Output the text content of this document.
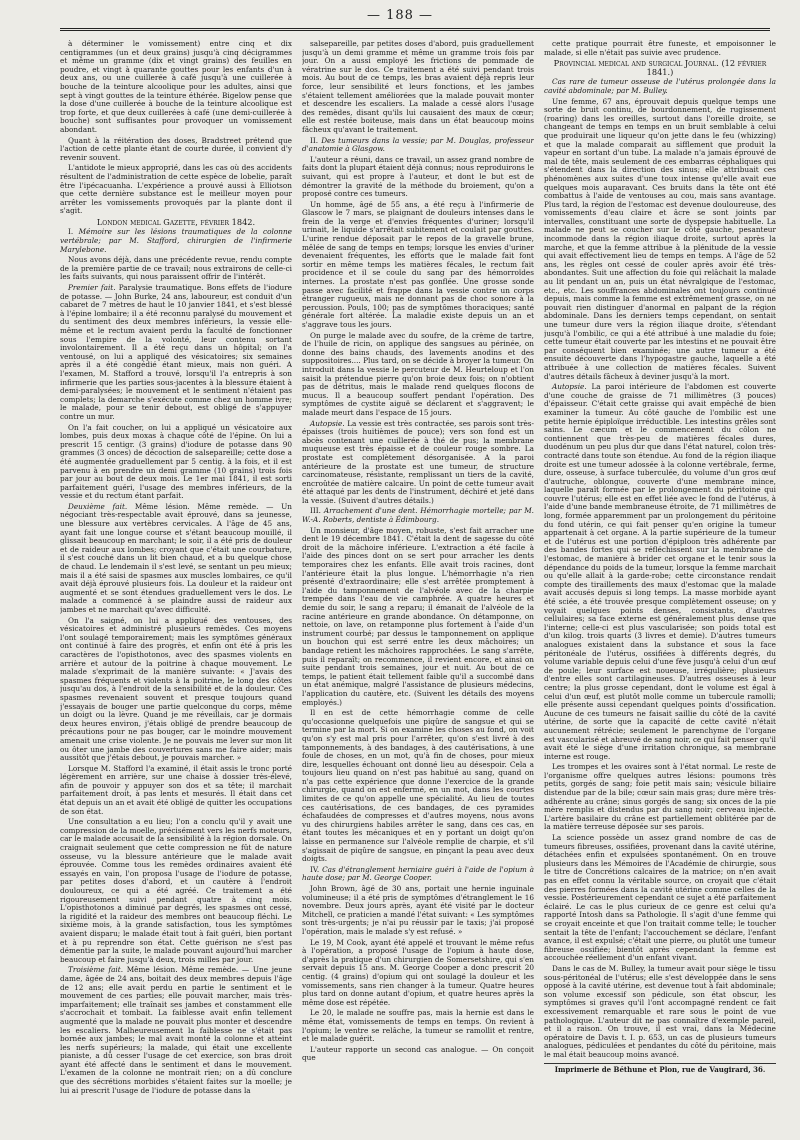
— 188 —

à déterminer le vomissement) entre cinq et dix centigrammes (un et deux grains) jusqu'à cinq décigrammes et même un gramme (dix et vingt grains) des feuilles en poudre, et vingt à quarante gouttes pour les enfants d'un à deux ans, ou une cuillerée à café jusqu'à une cuillerée à bouche de la teinture alcoolique pour les adultes, ainsi que sept à vingt gouttes de la teinture éthérée. Bigelow pense que la dose d'une cuillerée à bouche de la teinture alcoolique est trop forte, et que deux cuillerées à café (une demi-cuillerée à bouche) sont suffisantes pour provoquer un vomissement abondant.

Quant à la réitération des doses, Bradstreet prétend que l'action de cette plante étant de courte durée, il convient d'y revenir souvent.

L'antidote le mieux approprié, dans les cas où des accidents résultent de l'administration de cette espèce de lobelie, paraît être l'ipécacuanha. L'expérience a prouvé aussi à Elliotson que cette dernière substance est le meilleur moyen pour arrêter les vomissements provoqués par la plante dont il s'agit.

London medical Gazette, février 1842.

I. Mémoire sur les lésions traumatiques de la colonne vertébrale; par M. Stafford, chirurgien de l'infirmerie Marylebone.

Nous avons déjà, dans une précédente revue, rendu compte de la première partie de ce travail; nous extrairons de celle-ci les faits suivants, qui nous paraissent offrir de l'intérêt.

Premier fait. Paralysie traumatique. Bons effets de l'iodure de potasse. — John Burke, 24 ans, laboureur, est conduit d'un cabaret de 7 mètres de haut le 10 janvier 1841, et s'est blessé à l'épine lombaire; il a été reconnu paralysé du mouvement et du sentiment des deux membres inférieurs, la vessie elle-même et le rectum avaient perdu la faculté de fonctionner sous l'empire de la volonté, leur contenu sortant involontairement. Il a été reçu dans un hôpital; on l'a ventousé, on lui a appliqué des vésicatoires; six semaines après il a été congédié étant mieux, mais non guéri. A l'examen, M. Stafford a trouvé, lorsqu'il l'a entrepris à son infirmerie que les parties sous-jacentes à la blessure étaient à demi-paralysées; le mouvement et le sentiment n'étaient pas complets; la demarche s'exécute comme chez un homme ivre; le malade, pour se tenir debout, est obligé de s'appuyer contre un mur.

On l'a fait coucher, on lui a appliqué un vésicatoire aux lombes, puis deux moxas à chaque côté de l'épine. On lui a prescrit 15 centigr. (3 grains) d'iodure de potasse dans 90 grammes (3 onces) de décoction de salsepareille; cette dose a été augmentée graduellement par 5 centig. à la fois, et il est parvenu à en prendre un demi gramme (10 grains) trois fois par jour au bout de deux mois. Le 1er mai 1841, il est sorti parfaitement guéri, l'usage des membres inférieurs, de la vessie et du rectum étant parfait.

Deuxième fait. Même lésion. Même remède. — Un négociant très-respectable avait éprouvé, dans sa jeunesse, une blessure aux vertèbres cervicales. A l'âge de 45 ans, ayant fait une longue course et s'étant beaucoup mouillé, il glissait beaucoup en marchant; le soir, il a été pris de douleur et de raideur aux lombes; croyant que c'était une courbature, il s'est couché dans un lit bien chaud, et a bu quelque chose de chaud. Le lendemain il s'est levé, se sentant un peu mieux; mais il a été saisi de spasmes aux muscles lombaires, ce qu'il avait déjà éprouvé plusieurs fois. La douleur et la raideur ont augmenté et se sont étendues graduellement vers le dos. Le malade a commencé à se plaindre aussi de raideur aux jambes et ne marchait qu'avec difficulté.

On l'a saigné, on lui a appliqué des ventouses, des vésicatoires et administré plusieurs remèdes. Ces moyens l'ont soulagé temporairement; mais les symptômes généraux ont continué à faire des progrès, et enfin ont été à pris les caractères de l'opisthotonos, avec des spasmes violents en arrière et autour de la poitrine à chaque mouvement. Le malade s'exprimait de la manière suivante: « J'avais des spasmes fréquents et violents à la poitrine, le long des côtes jusqu'au dos, à l'endroit de la sensibilité et de la douleur. Ces spasmes revenaient souvent et presque toujours quand j'essayais de bouger une partie quelconque du corps, même un doigt ou la lèvre. Quand je me réveillais, car je dormais deux heures environ, j'étais obligé de prendre beaucoup de précautions pour ne pas bouger, car le moindre mouvement amenait une crise violente. Je ne pouvais me lever sur mon lit ou ôter une jambe des couvertures sans me faire aider; mais aussitôt que j'étais debout, je pouvais marcher. »

Lorsque M. Stafford l'a examiné, il était assis le tronc porté légèrement en arrière, sur une chaise à dossier très-élevé, afin de pouvoir y appuyer son dos et sa tête; il marchait parfaitement droit, à pas lents et mesurés. Il était dans cet état depuis un an et avait été obligé de quitter les occupations de son état.

Une consultation a eu lieu; l'on a conclu qu'il y avait une compression de la moelle, précisément vers les nerfs moteurs, car le malade accusait de la sensibilité à la région dorsale. On craignait seulement que cette compression ne fût de nature osseuse, vu la blessure antérieure que le malade avait éprouvée. Comme tous les remèdes ordinaires avaient été essayés en vain, l'on proposa l'usage de l'iodure de potasse, par petites doses d'abord, et un cautère à l'endroit douloureux, ce qui a été agréé. Ce traitement a été rigoureusement suivi pendant quatre à cinq mois. L'opisthotonos a diminué par degrés, les spasmes ont cessé, la rigidité et la raideur des membres ont beaucoup fléchi. Le sixième mois, à la grande satisfaction, tous les symptômes avaient disparu; le malade était tout à fait guéri, bien portant et à pu reprendre son état. Cette guérison ne s'est pas démentie par la suite, le malade pouvant aujourd'hui marcher beaucoup et faire jusqu'à deux, trois milles par jour.

Troisième fait. Même lésion. Même remède. — Une jeune dame, âgée de 24 ans, boitait des deux membres depuis l'âge de 12 ans; elle avait perdu en partie le sentiment et le mouvement de ces parties; elle pouvait marcher, mais très-imparfaitement; elle traînait ses jambes et constamment elle s'accrochait et tombait. La faiblesse avait enfin tellement augmenté que la malade ne pouvait plus monter et descendre les escaliers. Malheureusement la faiblesse ne s'était pas bornée aux jambes; le mal avait monté la colonne et atteint les nerfs supérieurs; la malade, qui était une excellente pianiste, a dû cesser l'usage de cet exercice, son bras droit ayant été affecté dans le sentiment et dans le mouvement. L'examen de la colonne ne montrait rien; on a dû conclure que des sécrétions morbides s'étaient faites sur la moelle; je lui ai prescrit l'usage de l'iodure de potasse dans la

salsepareille, par petites doses d'abord, puis graduellement jusqu'à un demi gramme et même un gramme trois fois par jour. On a aussi employé les frictions de pommade de vératrine sur le dos. Ce traitement a été suivi pendant trois mois. Au bout de ce temps, les bras avaient déjà repris leur force, leur sensibilité et leurs fonctions, et les jambes s'étaient tellement améliorées que la malade pouvait monter et descendre les escaliers. La malade a cessé alors l'usage des remèdes, disant qu'ils lui causaient des maux de cœur; elle est restée boiteuse, mais dans un état beaucoup moins fâcheux qu'avant le traitement.

II. Des tumeurs dans la vessie; par M. Douglas, professeur d'anatomie à Glasgow.

L'auteur a réuni, dans ce travail, un assez grand nombre de faits dont la plupart étaient déjà connus; nous reproduirons le suivant, qui est propre à l'auteur, et dont le but est de démontrer la gravité de la méthode du broiement, qu'on a proposé contre ces tumeurs.

Un homme, âgé de 55 ans, a été reçu à l'infirmerie de Glascow le 7 mars, se plaignant de douleurs intenses dans le frein de la verge et d'envies fréquentes d'uriner; lorsqu'il urinait, le liquide s'arrêtait subitement et coulait par gouttes. L'urine rendue déposait par le repos de la gravelle brune, mêlée de sang de temps en temps; lorsque les envies d'uriner devenaient fréquentes, les efforts que le malade fait font sortir en même temps les matières fécales, le rectum fait procidence et il se coule du sang par des hémorroïdes internes. La prostate n'est pas gonflée. Une grosse sonde passe avec facilité et frappe dans la vessie contre un corps étranger rugueux, mais ne donnant pas de choc sonore à la percussion. Pouls, 100; pas de symptômes thoraciques; santé générale fort altérée. La maladie existe depuis un an et s'aggrave tous les jours.

On purge le malade avec du soufre, de la crème de tartre, de l'huile de ricin, on applique des sangsues au périnée, on donne des bains chauds, des lavements anodins et des suppositoires.... Plus tard, on se décide à broyer la tumeur. On introduit dans la vessie le percuteur de M. Heurteloup et l'on saisit la prétendue pierre qu'on broie deux fois; on n'obtient pas de détritus, mais le malade rend quelques flocons de mucus. Il a beaucoup souffert pendant l'opération. Des symptômes de cystite aiguë se déclarent et s'aggravent; le malade meurt dans l'espace de 15 jours.

Autopsie. La vessie est très contractée, ses parois sont très-épaisses (trois huitièmes de pouce); vers son fond est un abcès contenant une cuillerée à thé de pus; la membrane muqueuse est très épaisse et de couleur rouge sombre. La prostate est complètement désorganisée. A la paroi antérieure de la prostate est une tumeur, de structure carcinomateuse, résistante, remplissant un tiers de la cavité, encroûtée de matière calcaire. Un point de cette tumeur avait été attaqué par les dents de l'instrument, déchiré et jeté dans la vessie. (Suivent d'autres détails.)

III. Arrachement d'une dent. Hémorrhagie mortelle; par M. W.-A. Roberts, dentiste à Édimbourg.

Un monsieur, d'âge moyen, robuste, s'est fait arracher une dent le 19 décembre 1841. C'était la dent de sagesse du côté droit de la mâchoire inférieure. L'extraction a été facile à l'aide des pinces dont on se sert pour arracher les dents temporaires chez les enfants. Elle avait trois racines, dont l'antérieure était la plus longue. L'hémorrhagie n'a rien présenté d'extraordinaire; elle s'est arrêtée promptement à l'aide du tamponnement de l'alvéole avec de la charpie trempée dans l'eau de vie camphrée. A quatre heures et demie du soir, le sang a reparu; il émanait de l'alvéole de la racine antérieure en grande abondance. On détamponne, on nettoie, on lave, on retamponne plus fortement à l'aide d'un instrument courbé; par dessus le tamponnement on applique un bouchon qui est serré entre les deux mâchoires; un bandage retient les mâchoires rapprochées. Le sang s'arrête, puis il reparaît; on recommence, il revient encore, et ainsi on suite pendant trois semaines, jour et nuit. Au bout de ce temps, le patient était tellement faible qu'il a succombé dans un état anémique, malgré l'assistance de plusieurs médecins, l'application du cautère, etc. (Suivent les détails des moyens employés.)

Il en est de cette hémorrhagie comme de celle qu'occasionne quelquefois une piqûre de sangsue et qui se termine par la mort. Si on examine les choses au fond, on voit qu'on s'y est mal pris pour l'arrêter, qu'on s'est livré à des tamponnements, à des bandages, à des cautérisations, à une foule de choses, en un mot, qu'à fin de choses, pour mieux dire, lesquelles échouant ont donné lieu au désespoir. Cela a toujours lieu quand on n'est pas habitué au sang, quand on n'a pas cette expérience que donne l'exercice de la grande chirurgie, quand on est enfermé, en un mot, dans les courtes limites de ce qu'on appelle une spécialité. Au lieu de toutes ces cautérisations, de ces bandages, de ces pyramides échafaudées de compresses et d'autres moyens, nous avons vu des chirurgiens habiles arrêter le sang, dans ces cas, en étant toutes les mécaniques et en y portant un doigt qu'on laisse en permanence sur l'alvéole remplie de charpie, et s'il s'agissait de piqûre de sangsue, en pinçant la peau avec deux doigts.

IV. Cas d'étranglement herniaire guéri à l'aide de l'opium à haute dose; par M. George Cooper.

John Brown, âgé de 30 ans, portait une hernie inguinale volumineuse; il a été pris de symptômes d'étranglement le 16 novembre. Deux jours après, ayant été visité par le docteur Mitchell, ce praticien a mandé l'état suivant: « Les symptômes sont très-urgents; je n'ai pu réussir par le taxis; j'ai proposé l'opération, mais le malade s'y est refusé. »

Le 19, M Cook, ayant été appelé et trouvant le même refus à l'opération, a proposé l'usage de l'opium à haute dose, d'après la pratique d'un chirurgien de Somersetshire, qui s'en servait depuis 15 ans. M. George Cooper a donc prescrit 20 centig. (4 grains) d'opium qui ont soulagé la douleur et les vomissements, sans rien changer à la tumeur. Quatre heures plus tard on donne autant d'opium, et quatre heures après la même dose est répétée.

Le 20, le malade ne souffre pas, mais la hernie est dans le même état, vomissements de temps en temps. On revient à l'opium; le ventre se relâche, la tumeur se ramollit et rentre, et le malade guérit.

L'auteur rapporte un second cas analogue. — On conçoit que

cette pratique pourrait être funeste, et empoisonner le malade, si elle n'était pas suivie avec prudence.

Provincial medical and surgical Journal. (12 février 1841.)

Cas rare de tumeur osseuse de l'utérus prolongée dans la cavité abdominale; par M. Bulley.

Une femme, 67 ans, éprouvait depuis quelque temps une sorte de bruit continu, de bourdonnement, de rugissement (roaring) dans les oreilles, surtout dans l'oreille droite, se changeant de temps en temps en un bruit semblable à celui que produirait une liqueur qu'on jette dans le feu (whizzing) et que la malade comparait au sifflement que produit la vapeur en sortant d'un tube. La malade n'a jamais éprouvé de mal de tête, mais seulement de ces embarras céphaliques qui s'étendent dans la direction des sinus; elle attribuait ces phénomènes aux suites d'une toux intense qu'elle avait eue quelques mois auparavant. Ces bruits dans la tête ont été combattus à l'aide de ventouses au cou, mais sans avantage. Plus tard, la région de l'estomac est devenue douloureuse, des vomissements d'eau claire et âcre se sont joints par intervalles, constituant une sorte de dyspepsie habituelle. La malade ne peut se coucher sur le côté gauche, pesanteur incommode dans la région iliaque droite, surtout après la marche, et que la femme attribue à la plénitude de la vessie qui avait effectivement lieu de temps en temps. A l'âge de 52 ans, les règles ont cessé de couler après avoir été très-abondantes. Suit une affection du foie qui relâchait la malade au lit pendant un an, puis un état névralgique de l'estomac, etc., etc. Les souffrances abdominales ont toujours continué depuis, mais comme la femme est extrêmement grasse, on ne pouvait rien distinguer d'anormal en palpant de la région abdominale. Dans les derniers temps cependant, on sentait une tumeur dure vers la région iliaque droite, s'étendant jusqu'à l'ombilic, ce qui a été attribué à une maladie du foie; cette tumeur était couverte par les intestins et ne pouvait être par conséquent bien examinée; une autre tumeur a été ensuite découverte dans l'hypogastre gauche, laquelle a été attribuée à une collection de matières fécales. Suivent d'autres détails fâcheux à deviner jusqu'à la mort.

Autopsie. La paroi intérieure de l'abdomen est couverte d'une couche de graisse de 71 millimètres (3 pouces) d'épaisseur. C'était cette graisse qui avait empêché de bien examiner la tumeur. Au côté gauche de l'ombilic est une petite hernie épiploïque irréductible. Les intestins grêles sont sains. Le cæcum et le commencement du côlon ne contiennent que très-peu de matières fécales dures, duodénum un peu plus dur que dans l'état naturel, colon très-contracté dans toute son étendue. Au fond de la région iliaque droite est une tumeur adossée à la colonne vertébrale, ferme, dure, osseuse, à surface tuberculée, du volume d'un gros œuf d'autruche, oblongue, couverte d'une membrane mince, laquelle paraît formée par le prolongement du péritoine qui couvre l'utérus; elle est en effet liée avec le fond de l'utérus, à l'aide d'une bande membraneuse étroite, de 71 millimètres de long, formée apparemment par un prolongement du péritoine du fond utérin, ce qui fait penser qu'en origine la tumeur appartenait à cet organe. A la partie supérieure de la tumeur et de l'utérus est une portion d'épiploon très adhérente par des bandes fortes qui se réfléchissent sur la membrane de l'estomac, de manière à brider cet organe et le tenir sous la dépendance du poids de la tumeur, lorsque la femme marchait ou qu'elle allait à la garde-robe; cette circonstance rendait compte des tiraillements des maux d'estomac que la malade avait accusés depuis si long temps. La masse morbide ayant été sciée, a été trouvée presque complètement osseuse; on y voyait quelques points denses, consistants, d'autres cellulaires; sa face externe est généralement plus dense que l'interne; celle-ci est plus vascularisée; son poids total est d'un kilog. trois quarts (3 livres et demie). D'autres tumeurs analogues existaient dans la substance et sous la face péritonéale de l'utérus, ossifiées à différents degrés, du volume variable depuis celui d'une fève jusqu'à celui d'un œuf de poule; leur surface est noueuse, irrégulière; plusieurs d'entre elles sont cartilagineuses. D'autres osseuses à leur centre; la plus grosse cependant, dont le volume est égal à celui d'un œuf, est plutôt molle comme un tubercule ramolli; elle présente aussi cependant quelques points d'ossification. Aucune de ces tumeurs ne faisait saillie du côté de la cavité utérine, de sorte que la capacité de cette cavité n'était aucunement rétrécie; seulement le parenchyme de l'organe est vascularisé et abreuvé de sang noir, ce qui fait penser qu'il avait été le siège d'une irritation chronique, sa membrane interne est rouge.

Les trompes et les ovaires sont à l'état normal. Le reste de l'organisme offre quelques autres lésions: poumons très petits, gorgés de sang; foie petit mais sain; vésicule biliaire distendue par de la bile; cœur sain mais gras; dure mère très-adhérente au crâne; sinus gorgés de sang; six onces de la pie mère remplis et distendus par du sang noir; cerveau injecté. L'artère basilaire du crâne est partiellement oblitérée par de la matière terreuse déposée sur ses parois.

La science possède un assez grand nombre de cas de tumeurs fibreuses, ossifiées, provenant dans la cavité utérine, détachées enfin et expulsées spontanément. On en trouve plusieurs dans les Mémoires de l'Académie de chirurgie, sous le titre de Concrétions calcaires de la matrice; on n'en avait pas en effet connu la véritable source, on croyait que c'était des pierres formées dans la cavité utérine comme celles de la vessie. Postérieurement cependant ce sujet a été parfaitement éclairé. Le cas le plus curieux de ce genre est celui qu'a rapporté Intosh dans sa Pathologie. Il s'agit d'une femme qui se croyait enceinte et que l'on traitait comme telle; le toucher sentait la tête de l'enfant; l'accouchement se déclare, l'enfant avance, il est expulsé; c'était une pierre, ou plutôt une tumeur fibreuse ossifiée; bientôt après cependant la femme est accouchée réellement d'un enfant vivant.

Dans le cas de M. Bulley, la tumeur avait pour siège le tissu sous-péritonéal de l'utérus; elle s'est développée dans le sens opposé à la cavité utérine, est devenue tout à fait abdominale; son volume excessif son pédicule, son état obscur, les symptômes si graves qu'il l'ont accompagné rendent ce fait excessivement remarquable et rare sous le point de vue pathologique. L'auteur dit ne pas connaître d'exemple pareil, et il a raison. On trouve, il est vrai, dans la Médecine opératoire de Davis t. I. p. 653, un cas de plusieurs tumeurs analogues, pédiculées et pendantes du côté du péritoine, mais le mal était beaucoup moins avancé.

Imprimerie de Béthune et Plon, rue de Vaugirard, 36.
